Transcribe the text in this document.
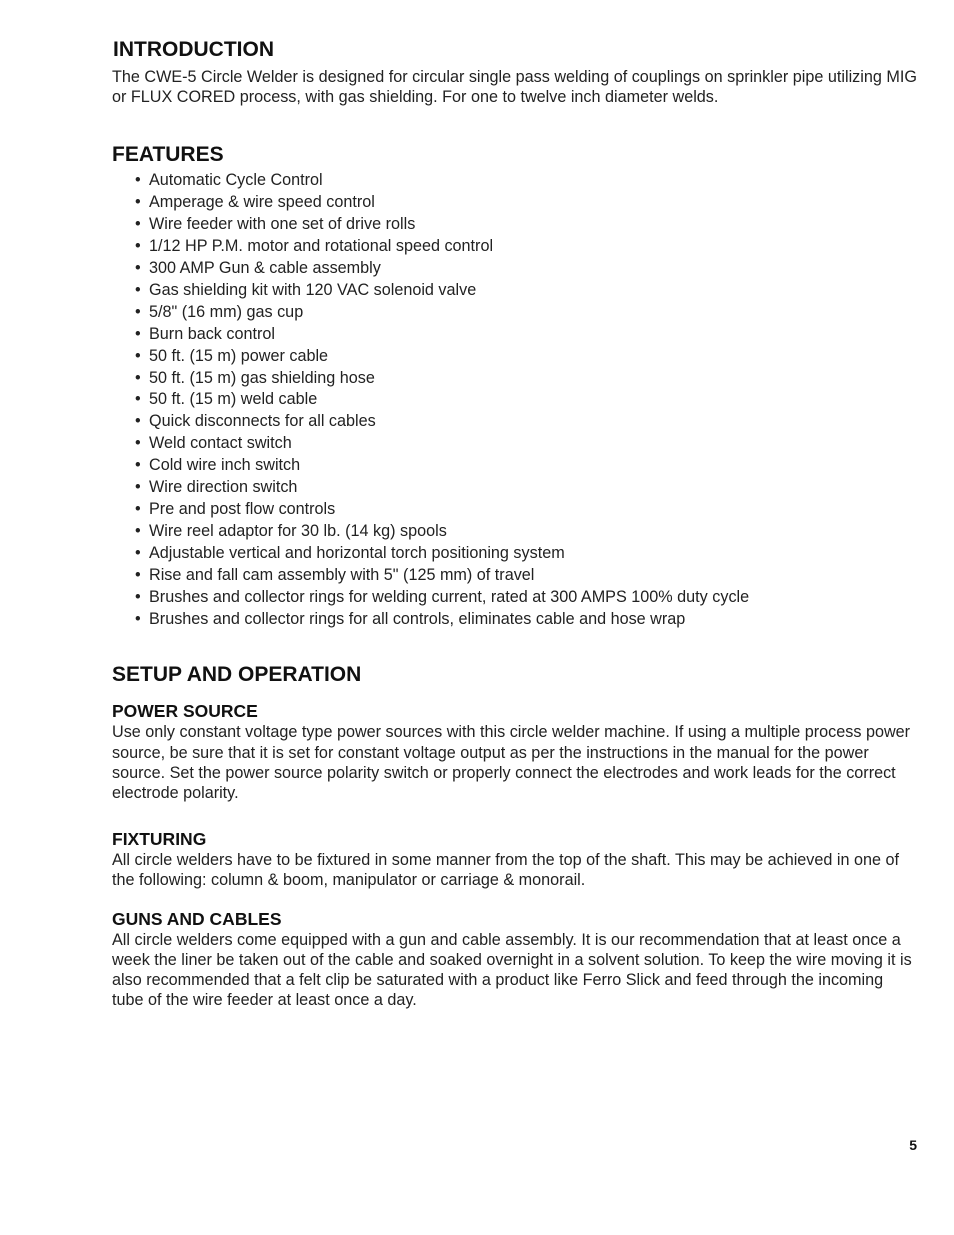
INTRODUCTION

The CWE-5 Circle Welder is designed for circular single pass welding of couplings on sprinkler pipe utilizing MIG or FLUX CORED process, with gas shielding. For one to twelve inch diameter welds.

FEATURES
• Automatic Cycle Control
• Amperage & wire speed control
• Wire feeder with one set of drive rolls
• 1/12 HP P.M. motor and rotational speed control
• 300 AMP Gun & cable assembly
• Gas shielding kit with 120 VAC solenoid valve
• 5/8" (16 mm) gas cup
• Burn back control
• 50 ft. (15 m) power cable
• 50 ft. (15 m) gas shielding hose
• 50 ft. (15 m) weld cable
• Quick disconnects for all cables
• Weld contact switch
• Cold wire inch switch
• Wire direction switch
• Pre and post flow controls
• Wire reel adaptor for 30 lb. (14 kg) spools
• Adjustable vertical and horizontal torch positioning system
• Rise and fall cam assembly with 5" (125 mm) of travel
• Brushes and collector rings for welding current, rated at 300 AMPS 100% duty cycle
• Brushes and collector rings for all controls, eliminates cable and hose wrap
SETUP AND OPERATION
POWER SOURCE

Use only constant voltage type power sources with this circle welder machine. If using a multiple process power source, be sure that it is set for constant voltage output as per the instructions in the manual for the power source. Set the power source polarity switch or properly connect the electrodes and work leads for the correct electrode polarity.

FIXTURING

All circle welders have to be fixtured in some manner from the top of the shaft. This may be achieved in one of the following: column & boom, manipulator or carriage & monorail.

GUNS AND CABLES

All circle welders come equipped with a gun and cable assembly. It is our recommendation that at least once a week the liner be taken out of the cable and soaked overnight in a solvent solution. To keep the wire moving it is also recommended that a felt clip be saturated with a product like Ferro Slick and feed through the incoming tube of the wire feeder at least once a day.

5
